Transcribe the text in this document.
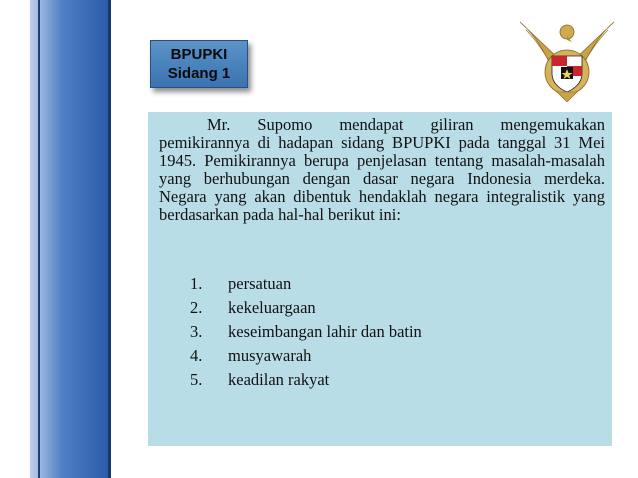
BPUPKI
Sidang 1
Mr. Supomo mendapat giliran mengemukakan pemikirannya di hadapan sidang BPUPKI pada tanggal 31 Mei 1945. Pemikirannya berupa penjelasan tentang masalah-masalah yang berhubungan dengan dasar negara Indonesia merdeka. Negara yang akan dibentuk hendaklah negara integralistik yang berdasarkan pada hal-hal berikut ini:
1.	persatuan
2.	kekeluargaan
3.	keseimbangan lahir dan batin
4.	musyawarah
5.	keadilan rakyat
